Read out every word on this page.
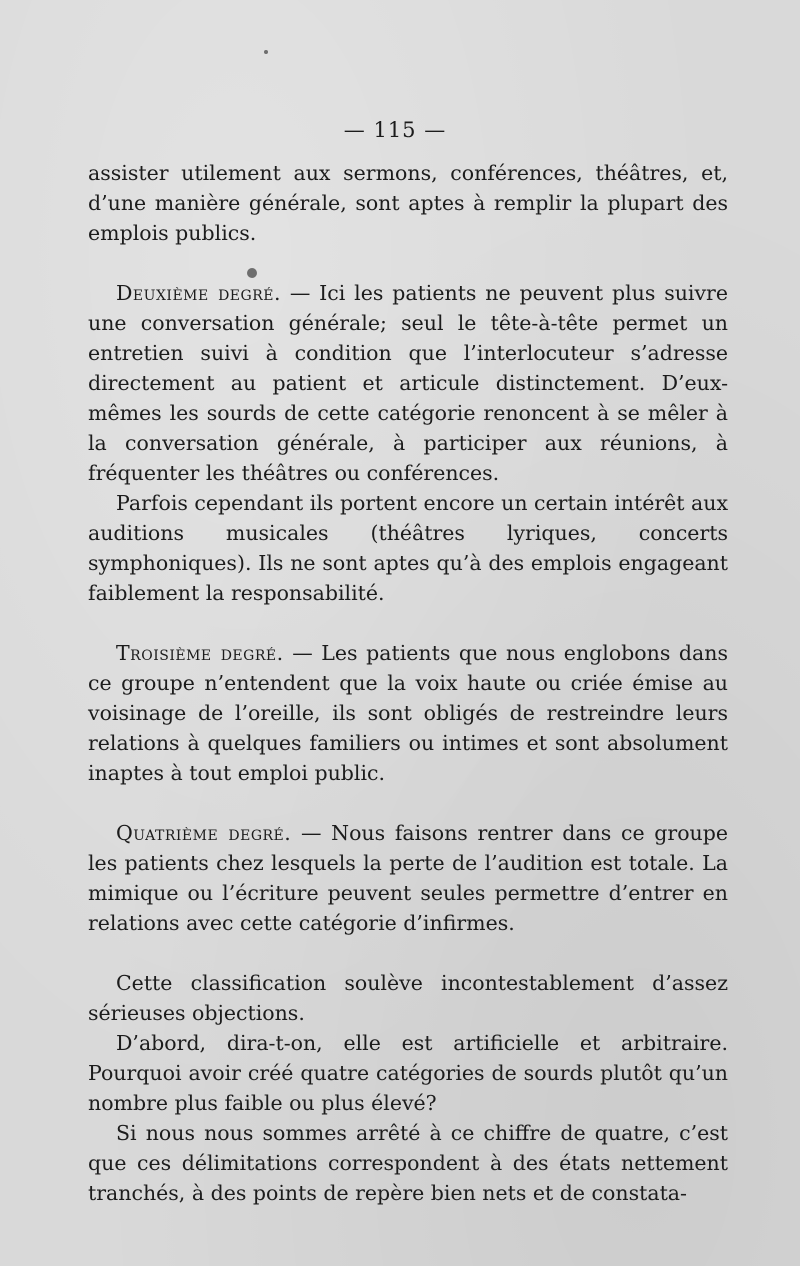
— 115 —

assister utilement aux sermons, conférences, théâtres, et, d’une manière générale, sont aptes à remplir la plupart des emplois publics.

Deuxième degré. — Ici les patients ne peuvent plus suivre une conversation générale; seul le tête-à-tête permet un entretien suivi à condition que l’interlocuteur s’adresse directement au patient et articule distinctement. D’eux-mêmes les sourds de cette catégorie renoncent à se mêler à la conversation générale, à participer aux réunions, à fréquenter les théâtres ou conférences.

Parfois cependant ils portent encore un certain intérêt aux auditions musicales (théâtres lyriques, concerts symphoniques). Ils ne sont aptes qu’à des emplois engageant faiblement la responsabilité.

Troisième degré. — Les patients que nous englobons dans ce groupe n’entendent que la voix haute ou criée émise au voisinage de l’oreille, ils sont obligés de restreindre leurs relations à quelques familiers ou intimes et sont absolument inaptes à tout emploi public.

Quatrième degré. — Nous faisons rentrer dans ce groupe les patients chez lesquels la perte de l’audition est totale. La mimique ou l’écriture peuvent seules permettre d’entrer en relations avec cette catégorie d’infirmes.

Cette classification soulève incontestablement d’assez sérieuses objections.

D’abord, dira-t-on, elle est artificielle et arbitraire. Pourquoi avoir créé quatre catégories de sourds plutôt qu’un nombre plus faible ou plus élevé?

Si nous nous sommes arrêté à ce chiffre de quatre, c’est que ces délimitations correspondent à des états nettement tranchés, à des points de repère bien nets et de constata-
